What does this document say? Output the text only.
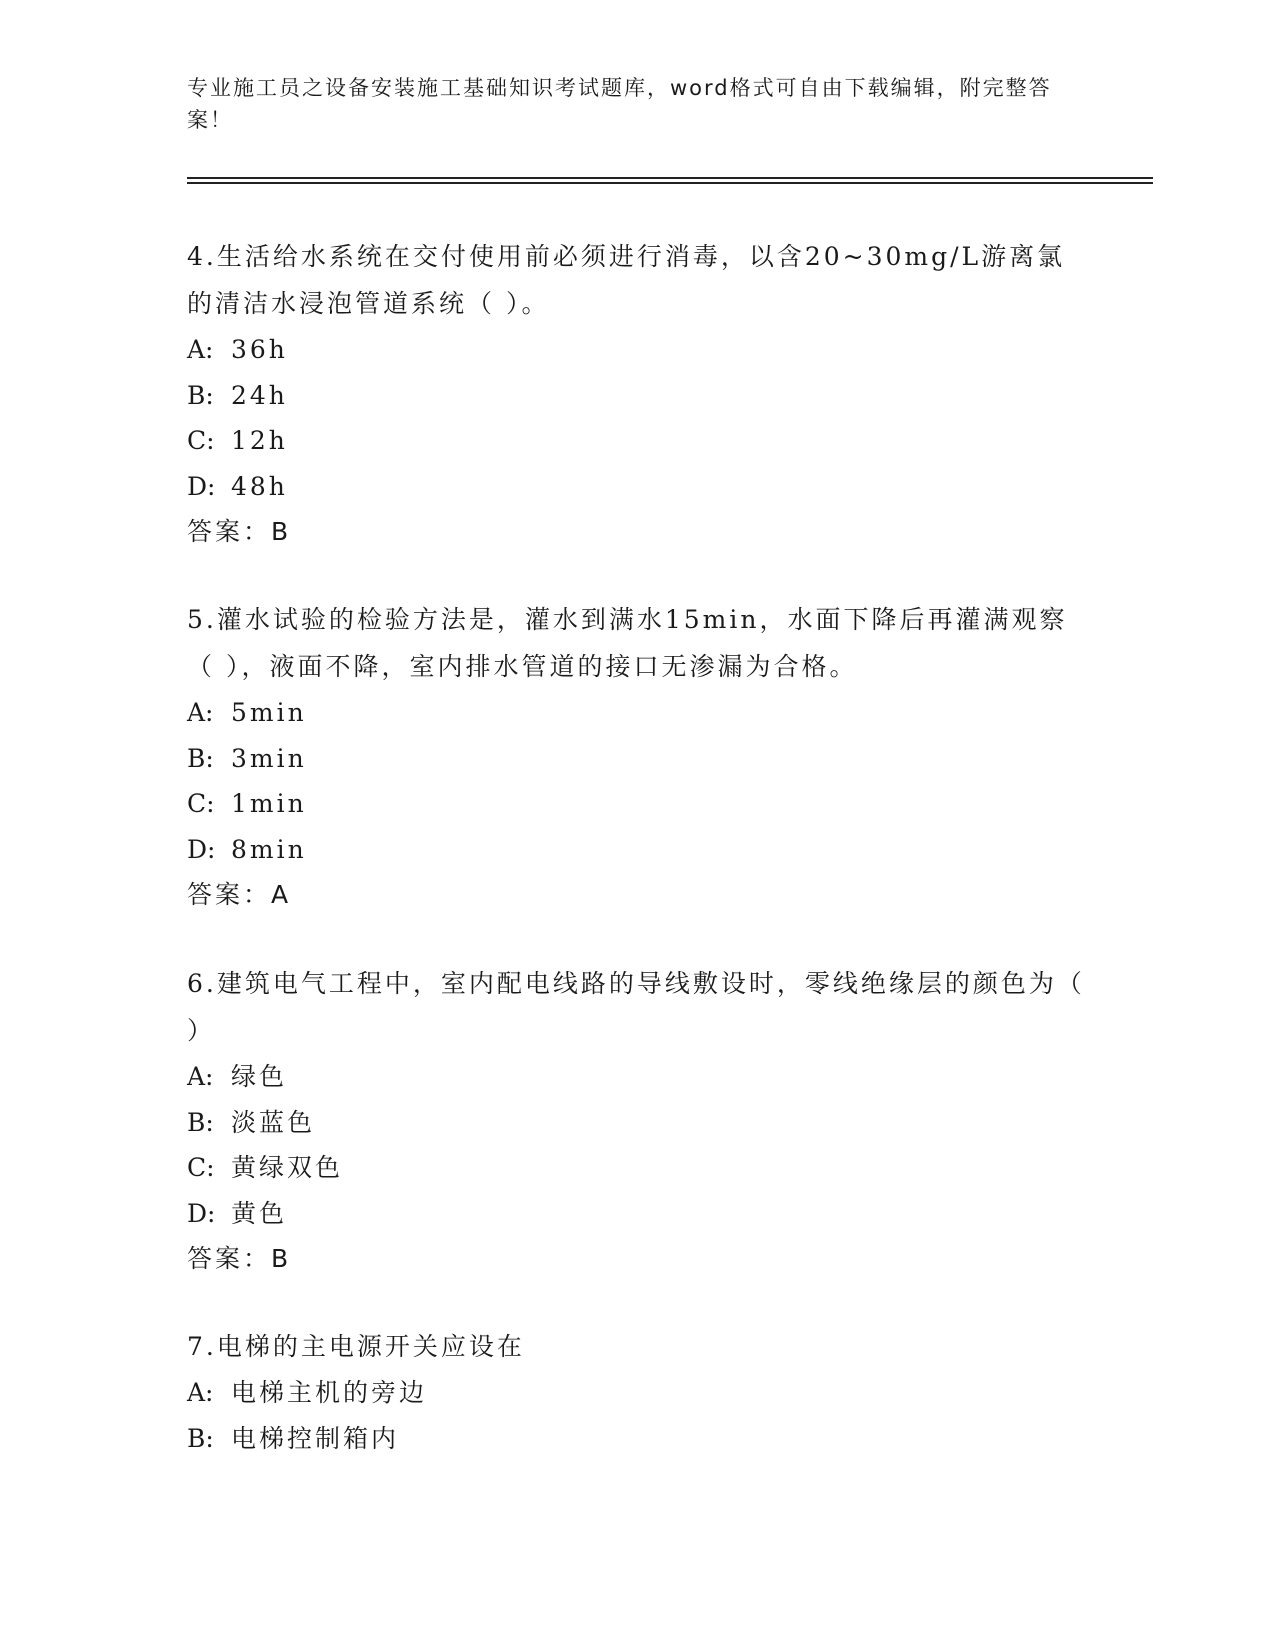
专业施工员之设备安装施工基础知识考试题库，word格式可自由下载编辑，附完整答案！

4.生活给水系统在交付使用前必须进行消毒，以含20~30mg/L游离氯的清洁水浸泡管道系统（ ）。

A: 36h

B: 24h

C: 12h

D: 48h

答案：B

5.灌水试验的检验方法是，灌水到满水15min，水面下降后再灌满观察（ ），液面不降，室内排水管道的接口无渗漏为合格。

A: 5min

B: 3min

C: 1min

D: 8min

答案：A

6.建筑电气工程中，室内配电线路的导线敷设时，零线绝缘层的颜色为（ ）

A: 绿色

B: 淡蓝色

C: 黄绿双色

D: 黄色

答案：B

7.电梯的主电源开关应设在

A: 电梯主机的旁边

B: 电梯控制箱内
